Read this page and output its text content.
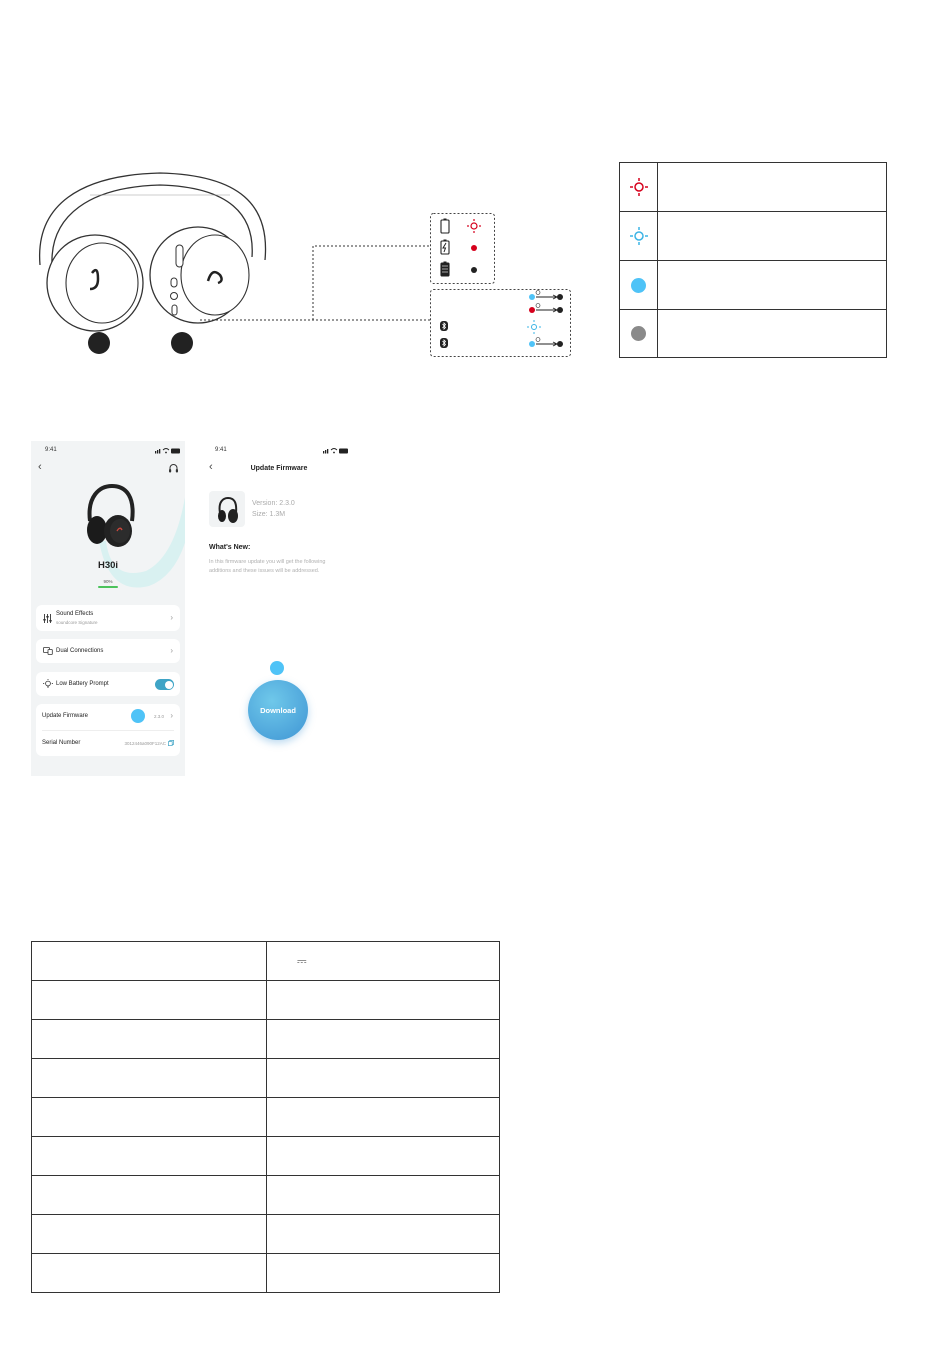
9:41
‹
H30i
90%
Sound Effects
soundcore Signature
›
Dual Connections	›
Low Battery Prompt
Update Firmware	2.3.0 ›
Serial Number	3012446a090F12AC
9:41
‹	Update Firmware
Version: 2.3.0
Size: 1.3M
What's New:
In this firmware update you will get the following additions and these issues will be addressed.
Download
	⎓
